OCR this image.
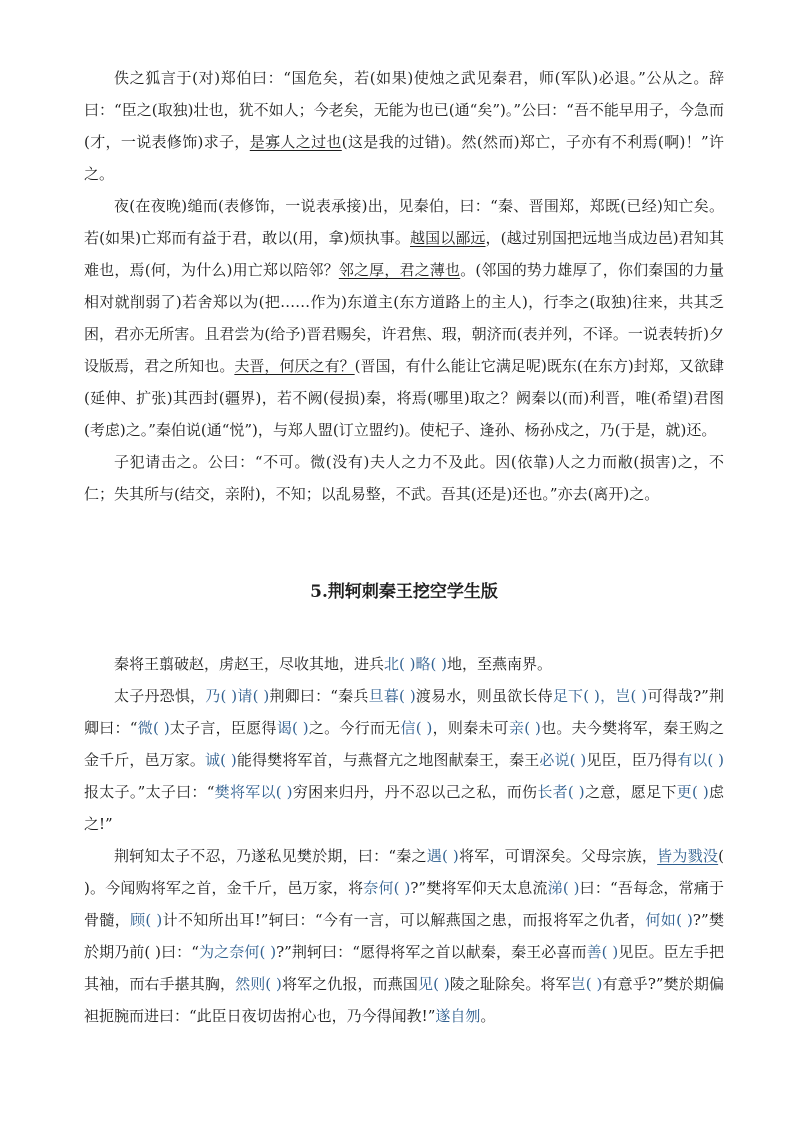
佚之狐言于(对)郑伯曰：“国危矣，若(如果)使烛之武见秦君，师(军队)必退。”公从之。辞曰：“臣之(取独)壮也，犹不如人；今老矣，无能为也已(通“矣”)。”公曰：“吾不能早用子，今急而(才，一说表修饰)求子，是寡人之过也(这是我的过错)。然(然而)郑亡，子亦有不利焉(啊)！”许之。

夜(在夜晚)缒而(表修饰，一说表承接)出，见秦伯，曰：“秦、晋围郑，郑既(已经)知亡矣。若(如果)亡郑而有益于君，敢以(用，拿)烦执事。越国以鄙远，(越过别国把远地当成边邑)君知其难也，焉(何，为什么)用亡郑以陪邻？邻之厚，君之薄也。(邻国的势力雄厚了，你们秦国的力量相对就削弱了)若舍郑以为(把……作为)东道主(东方道路上的主人)，行李之(取独)往来，共其乏困，君亦无所害。且君尝为(给予)晋君赐矣，许君焦、瑕，朝济而(表并列，不译。一说表转折)夕设版焉，君之所知也。夫晋，何厌之有？(晋国，有什么能让它满足呢)既东(在东方)封郑，又欲肆(延伸、扩张)其西封(疆界)，若不阙(侵损)秦，将焉(哪里)取之？阙秦以(而)利晋，唯(希望)君图(考虑)之。”秦伯说(通“悦”)，与郑人盟(订立盟约)。使杞子、逢孙、杨孙戍之，乃(于是，就)还。

子犯请击之。公曰：“不可。微(没有)夫人之力不及此。因(依靠)人之力而敝(损害)之，不仁；失其所与(结交，亲附)，不知；以乱易整，不武。吾其(还是)还也。”亦去(离开)之。

5.荆轲刺秦王挖空学生版

秦将王翦破赵，虏赵王，尽收其地，进兵北( )略( )地，至燕南界。

太子丹恐惧，乃( )请( )荆卿曰：“秦兵旦暮( )渡易水，则虽欲长侍足下( )，岂( )可得哉?”荆卿曰：“微( )太子言，臣愿得谒( )之。今行而无信( )，则秦未可亲( )也。夫今樊将军，秦王购之金千斤，邑万家。诚( )能得樊将军首，与燕督亢之地图献秦王，秦王必说( )见臣，臣乃得有以( )报太子。”太子曰：“樊将军以( )穷困来归丹，丹不忍以己之私，而伤长者( )之意，愿足下更( )虑之!”

荆轲知太子不忍，乃遂私见樊於期，曰：“秦之遇( )将军，可谓深矣。父母宗族，皆为戮没( )。今闻购将军之首，金千斤，邑万家，将奈何( )?”樊将军仰天太息流涕( )曰：“吾每念，常痛于骨髓，顾( )计不知所出耳!”轲曰：“今有一言，可以解燕国之患，而报将军之仇者，何如( )?”樊於期乃前( )曰：“为之奈何( )?”荆轲曰：“愿得将军之首以献秦，秦王必喜而善( )见臣。臣左手把其袖，而右手揕其胸，然则( )将军之仇报，而燕国见( )陵之耻除矣。将军岂( )有意乎?”樊於期偏袒扼腕而进曰：“此臣日夜切齿拊心也，乃今得闻教!”遂自刎。
